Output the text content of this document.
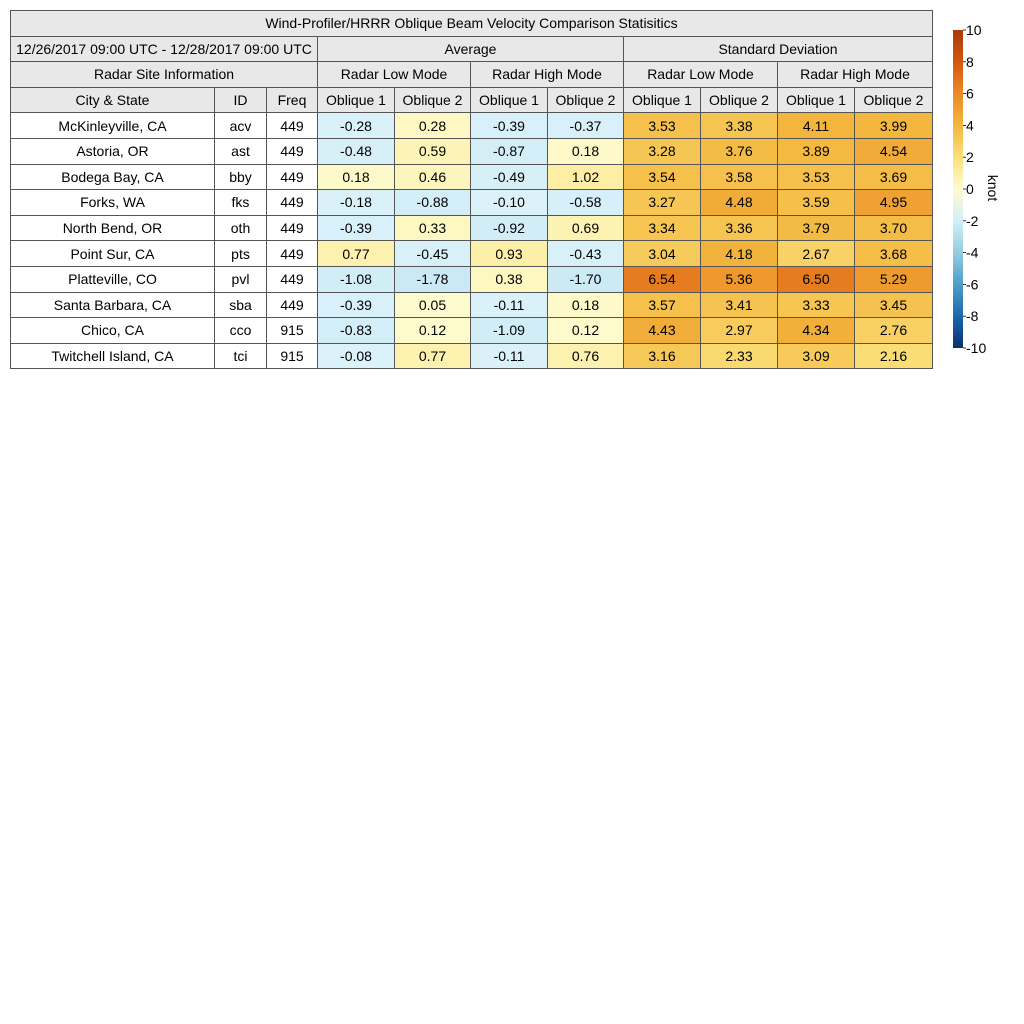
Wind-Profiler/HRRR Oblique Beam Velocity Comparison Statisitics										
12/26/2017 09:00 UTC - 12/28/2017 09:00 UTC			Average				Standard Deviation			
Radar Site Information			Radar Low Mode		Radar High Mode		Radar Low Mode		Radar High Mode	
City & State	ID	Freq	Oblique 1	Oblique 2	Oblique 1	Oblique 2	Oblique 1	Oblique 2	Oblique 1	Oblique 2
McKinleyville, CA	acv	449	-0.28	0.28	-0.39	-0.37	3.53	3.38	4.11	3.99
Astoria, OR	ast	449	-0.48	0.59	-0.87	0.18	3.28	3.76	3.89	4.54
Bodega Bay, CA	bby	449	0.18	0.46	-0.49	1.02	3.54	3.58	3.53	3.69
Forks, WA	fks	449	-0.18	-0.88	-0.10	-0.58	3.27	4.48	3.59	4.95
North Bend, OR	oth	449	-0.39	0.33	-0.92	0.69	3.34	3.36	3.79	3.70
Point Sur, CA	pts	449	0.77	-0.45	0.93	-0.43	3.04	4.18	2.67	3.68
Platteville, CO	pvl	449	-1.08	-1.78	0.38	-1.70	6.54	5.36	6.50	5.29
Santa Barbara, CA	sba	449	-0.39	0.05	-0.11	0.18	3.57	3.41	3.33	3.45
Chico, CA	cco	915	-0.83	0.12	-1.09	0.12	4.43	2.97	4.34	2.76
Twitchell Island, CA	tci	915	-0.08	0.77	-0.11	0.76	3.16	2.33	3.09	2.16
10
8
6
4
2
0
-2
-4
-6
-8
-10
knot
